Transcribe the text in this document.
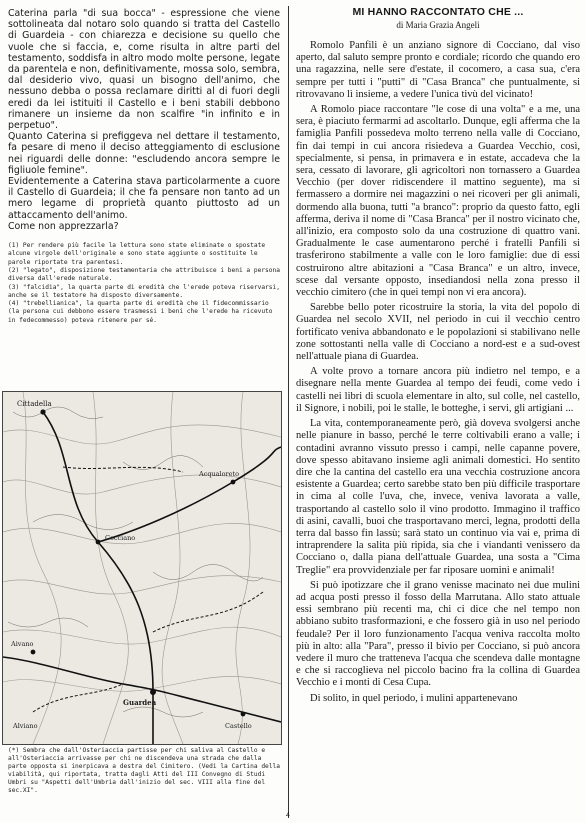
Caterina parla "di sua bocca" - espressione che viene sottolineata dal notaro solo quando si tratta del Castello di Guardeia - con chiarezza e decisione su quello che vuole che si faccia, e, come risulta in altre parti del testamento, soddisfa in altro modo molte persone, legate da parentela e non, definitivamente, mossa solo, sembra, dal desiderio vivo, quasi un bisogno dell'animo, che nessuno debba o possa reclamare diritti al di fuori degli eredi da lei istituiti il Castello e i beni stabili debbono rimanere un insieme da non scalfire "in infinito e in perpetuo".

Quanto Caterina si prefiggeva nel dettare il testamento, fa pesare di meno il deciso atteggiamento di esclusione nei riguardi delle donne: "escludendo ancora sempre le figliuole femine".

Evidentemente a Caterina stava particolarmente a cuore il Castello di Guardeia; il che fa pensare non tanto ad un mero legame di proprietà quanto piuttosto ad un attaccamento dell'animo.

Come non apprezzarla?

(1) Per rendere più facile la lettura sono state eliminate o spostate alcune virgole dell'originale e sono state aggiunte o sostituite le parole riportate tra parentesi.

(2) "legato", disposizione testamentaria che attribuisce i beni a persona diversa dall'erede naturale.

(3) "falcidia", la quarta parte di eredità che l'erede poteva riservarsi, anche se il testatore ha disposto diversamente.

(4) "trebellianica", la quarta parte di eredità che il fidecommissario (la persona cui debbono essere trasmessi i beni che l'erede ha ricevuto in fedecommesso) poteva ritenere per sé.

Cittadella
Cocciano
Acqualoreto
Aivano
Alviano
Guardea
Castello

(*) Sembra che dall'Osteriaccia partisse per chi saliva al Castello e all'Osteriaccia arrivasse per chi ne discendeva una strada che dalla parte opposta si inerpicava a destra del Cimitero. (Vedi la Cartina della viabilità, qui riportata, tratta dagli Atti del III Convegno di Studi Umbri su "Aspetti dell'Umbria dall'inizio del sec. VIII alla fine del sec.XI".

MI HANNO RACCONTATO CHE ...
di Maria Grazia Angeli

Romolo Panfili è un anziano signore di Cocciano, dal viso aperto, dal saluto sempre pronto e cordiale; ricordo che quando ero una ragazzina, nelle sere d'estate, il cocomero, a casa sua, c'era sempre per tutti i "putti" di "Casa Branca" che puntualmente, si ritrovavano lì insieme, a vedere l'unica tivù del vicinato!

A Romolo piace raccontare "le cose di una volta" e a me, una sera, è piaciuto fermarmi ad ascoltarlo. Dunque, egli afferma che la famiglia Panfili possedeva molto terreno nella valle di Cocciano, fin dai tempi in cui ancora risiedeva a Guardea Vecchio, così, specialmente, si pensa, in primavera e in estate, accadeva che la sera, cessato di lavorare, gli agricoltori non tornassero a Guardea Vecchio (per dover ridiscendere il mattino seguente), ma si fermassero a dormire nei magazzini o nei ricoveri per gli animali, dormendo alla buona, tutti "a branco": proprio da questo fatto, egli afferma, deriva il nome di "Casa Branca" per il nostro vicinato che, all'inizio, era composto solo da una costruzione di quattro vani. Gradualmente le case aumentarono perché i fratelli Panfili si trasferirono stabilmente a valle con le loro famiglie: due di essi costruirono altre abitazioni a "Casa Branca" e un altro, invece, scese dal versante opposto, insediandosi nella zona presso il vecchio cimitero (che in quei tempi non vi era ancora).

Sarebbe bello poter ricostruire la storia, la vita del popolo di Guardea nel secolo XVII, nel periodo in cui il vecchio centro fortificato veniva abbandonato e le popolazioni si stabilivano nelle zone sottostanti nella valle di Cocciano a nord-est e a sud-ovest nell'attuale piana di Guardea.

A volte provo a tornare ancora più indietro nel tempo, e a disegnare nella mente Guardea al tempo dei feudi, come vedo i castelli nei libri di scuola elementare in alto, sul colle, nel castello, il Signore, i nobili, poi le stalle, le botteghe, i servi, gli artigiani ...

La vita, contemporaneamente però, già doveva svolgersi anche nelle pianure in basso, perché le terre coltivabili erano a valle; i contadini avranno vissuto presso i campi, nelle capanne povere, dove spesso abitavano insieme agli animali domestici. Ho sentito dire che la cantina del castello era una vecchia costruzione ancora esistente a Guardea; certo sarebbe stato ben più difficile trasportare in cima al colle l'uva, che, invece, veniva lavorata a valle, trasportando al castello solo il vino prodotto. Immagino il traffico di asini, cavalli, buoi che trasportavano merci, legna, prodotti della terra dal basso fin lassù; sarà stato un continuo via vai e, prima di intraprendere la salita più ripida, sia che i viandanti venissero da Cocciano o, dalla piana dell'attuale Guardea, una sosta a "Cima Treglie" era provvidenziale per far riposare uomini e animali!

Si può ipotizzare che il grano venisse macinato nei due mulini ad acqua posti presso il fosso della Marrutana. Allo stato attuale essi sembrano più recenti ma, chi ci dice che nel tempo non abbiano subito trasformazioni, e che fossero già in uso nel periodo feudale? Per il loro funzionamento l'acqua veniva raccolta molto più in alto: alla "Para", presso il bivio per Cocciano, si può ancora vedere il muro che tratteneva l'acqua che scendeva dalle montagne e che si raccoglieva nel piccolo bacino fra la collina di Guardea Vecchio e i monti di Cesa Cupa.

Di solito, in quel periodo, i mulini appartenevano

4
